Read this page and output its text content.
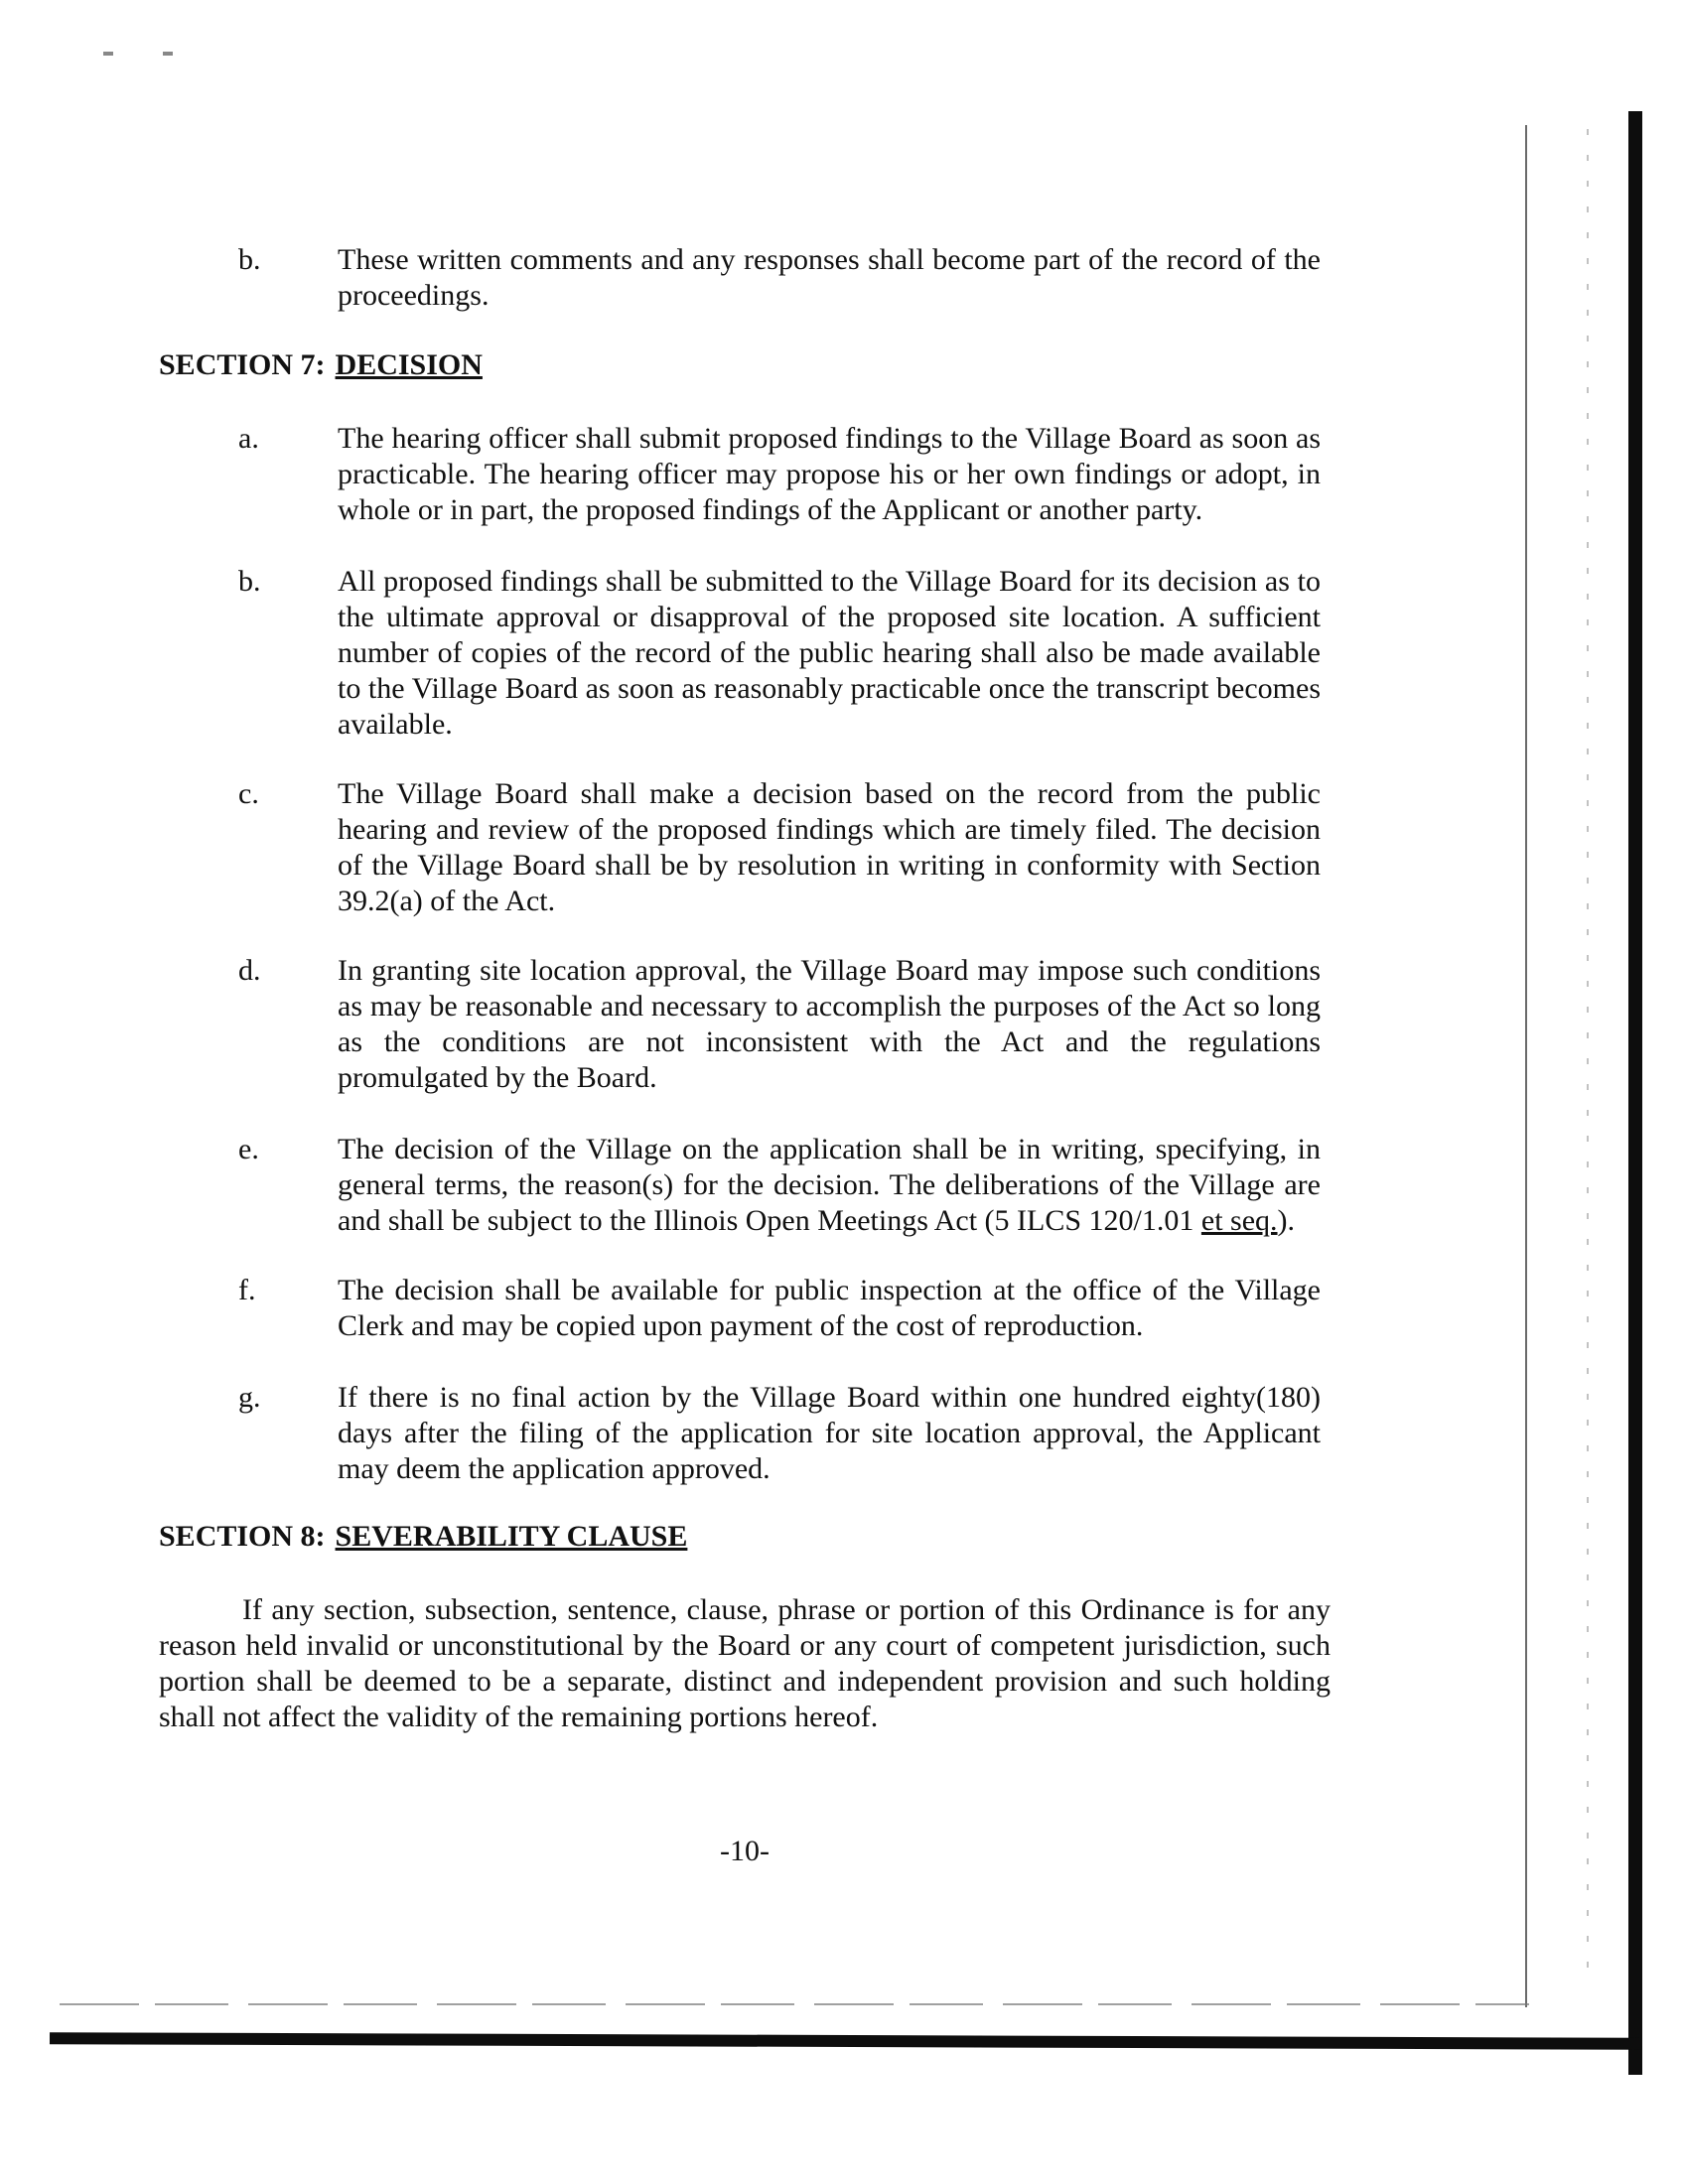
b.	These written comments and any responses shall become part of the record of the proceedings.
SECTION 7: DECISION
a.	The hearing officer shall submit proposed findings to the Village Board as soon as practicable. The hearing officer may propose his or her own findings or adopt, in whole or in part, the proposed findings of the Applicant or another party.
b.	All proposed findings shall be submitted to the Village Board for its decision as to the ultimate approval or disapproval of the proposed site location. A sufficient number of copies of the record of the public hearing shall also be made available to the Village Board as soon as reasonably practicable once the transcript becomes available.
c.	The Village Board shall make a decision based on the record from the public hearing and review of the proposed findings which are timely filed. The decision of the Village Board shall be by resolution in writing in conformity with Section 39.2(a) of the Act.
d.	In granting site location approval, the Village Board may impose such conditions as may be reasonable and necessary to accomplish the purposes of the Act so long as the conditions are not inconsistent with the Act and the regulations promulgated by the Board.
e.	The decision of the Village on the application shall be in writing, specifying, in general terms, the reason(s) for the decision. The deliberations of the Village are and shall be subject to the Illinois Open Meetings Act (5 ILCS 120/1.01 et seq.).
f.	The decision shall be available for public inspection at the office of the Village Clerk and may be copied upon payment of the cost of reproduction.
g.	If there is no final action by the Village Board within one hundred eighty(180) days after the filing of the application for site location approval, the Applicant may deem the application approved.
SECTION 8: SEVERABILITY CLAUSE
If any section, subsection, sentence, clause, phrase or portion of this Ordinance is for any reason held invalid or unconstitutional by the Board or any court of competent jurisdiction, such portion shall be deemed to be a separate, distinct and independent provision and such holding shall not affect the validity of the remaining portions hereof.
-10-
